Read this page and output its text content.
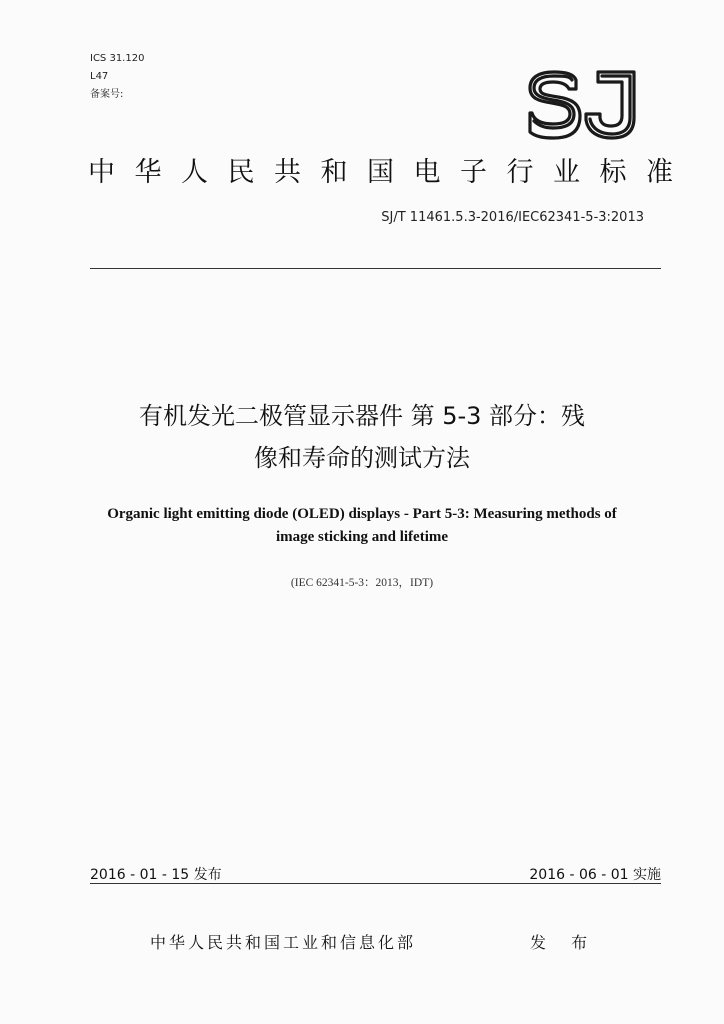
ICS 31.120
L47
备案号:
中华人民共和国电子行业标准
SJ/T 11461.5.3-2016/IEC62341-5-3:2013
有机发光二极管显示器件 第 5-3 部分：残
像和寿命的测试方法
Organic light emitting diode (OLED) displays - Part 5-3: Measuring methods of
image sticking and lifetime
(IEC 62341-5-3：2013，IDT)
2016 - 01 - 15 发布	2016 - 06 - 01 实施
中华人民共和国工业和信息化部	发 布
